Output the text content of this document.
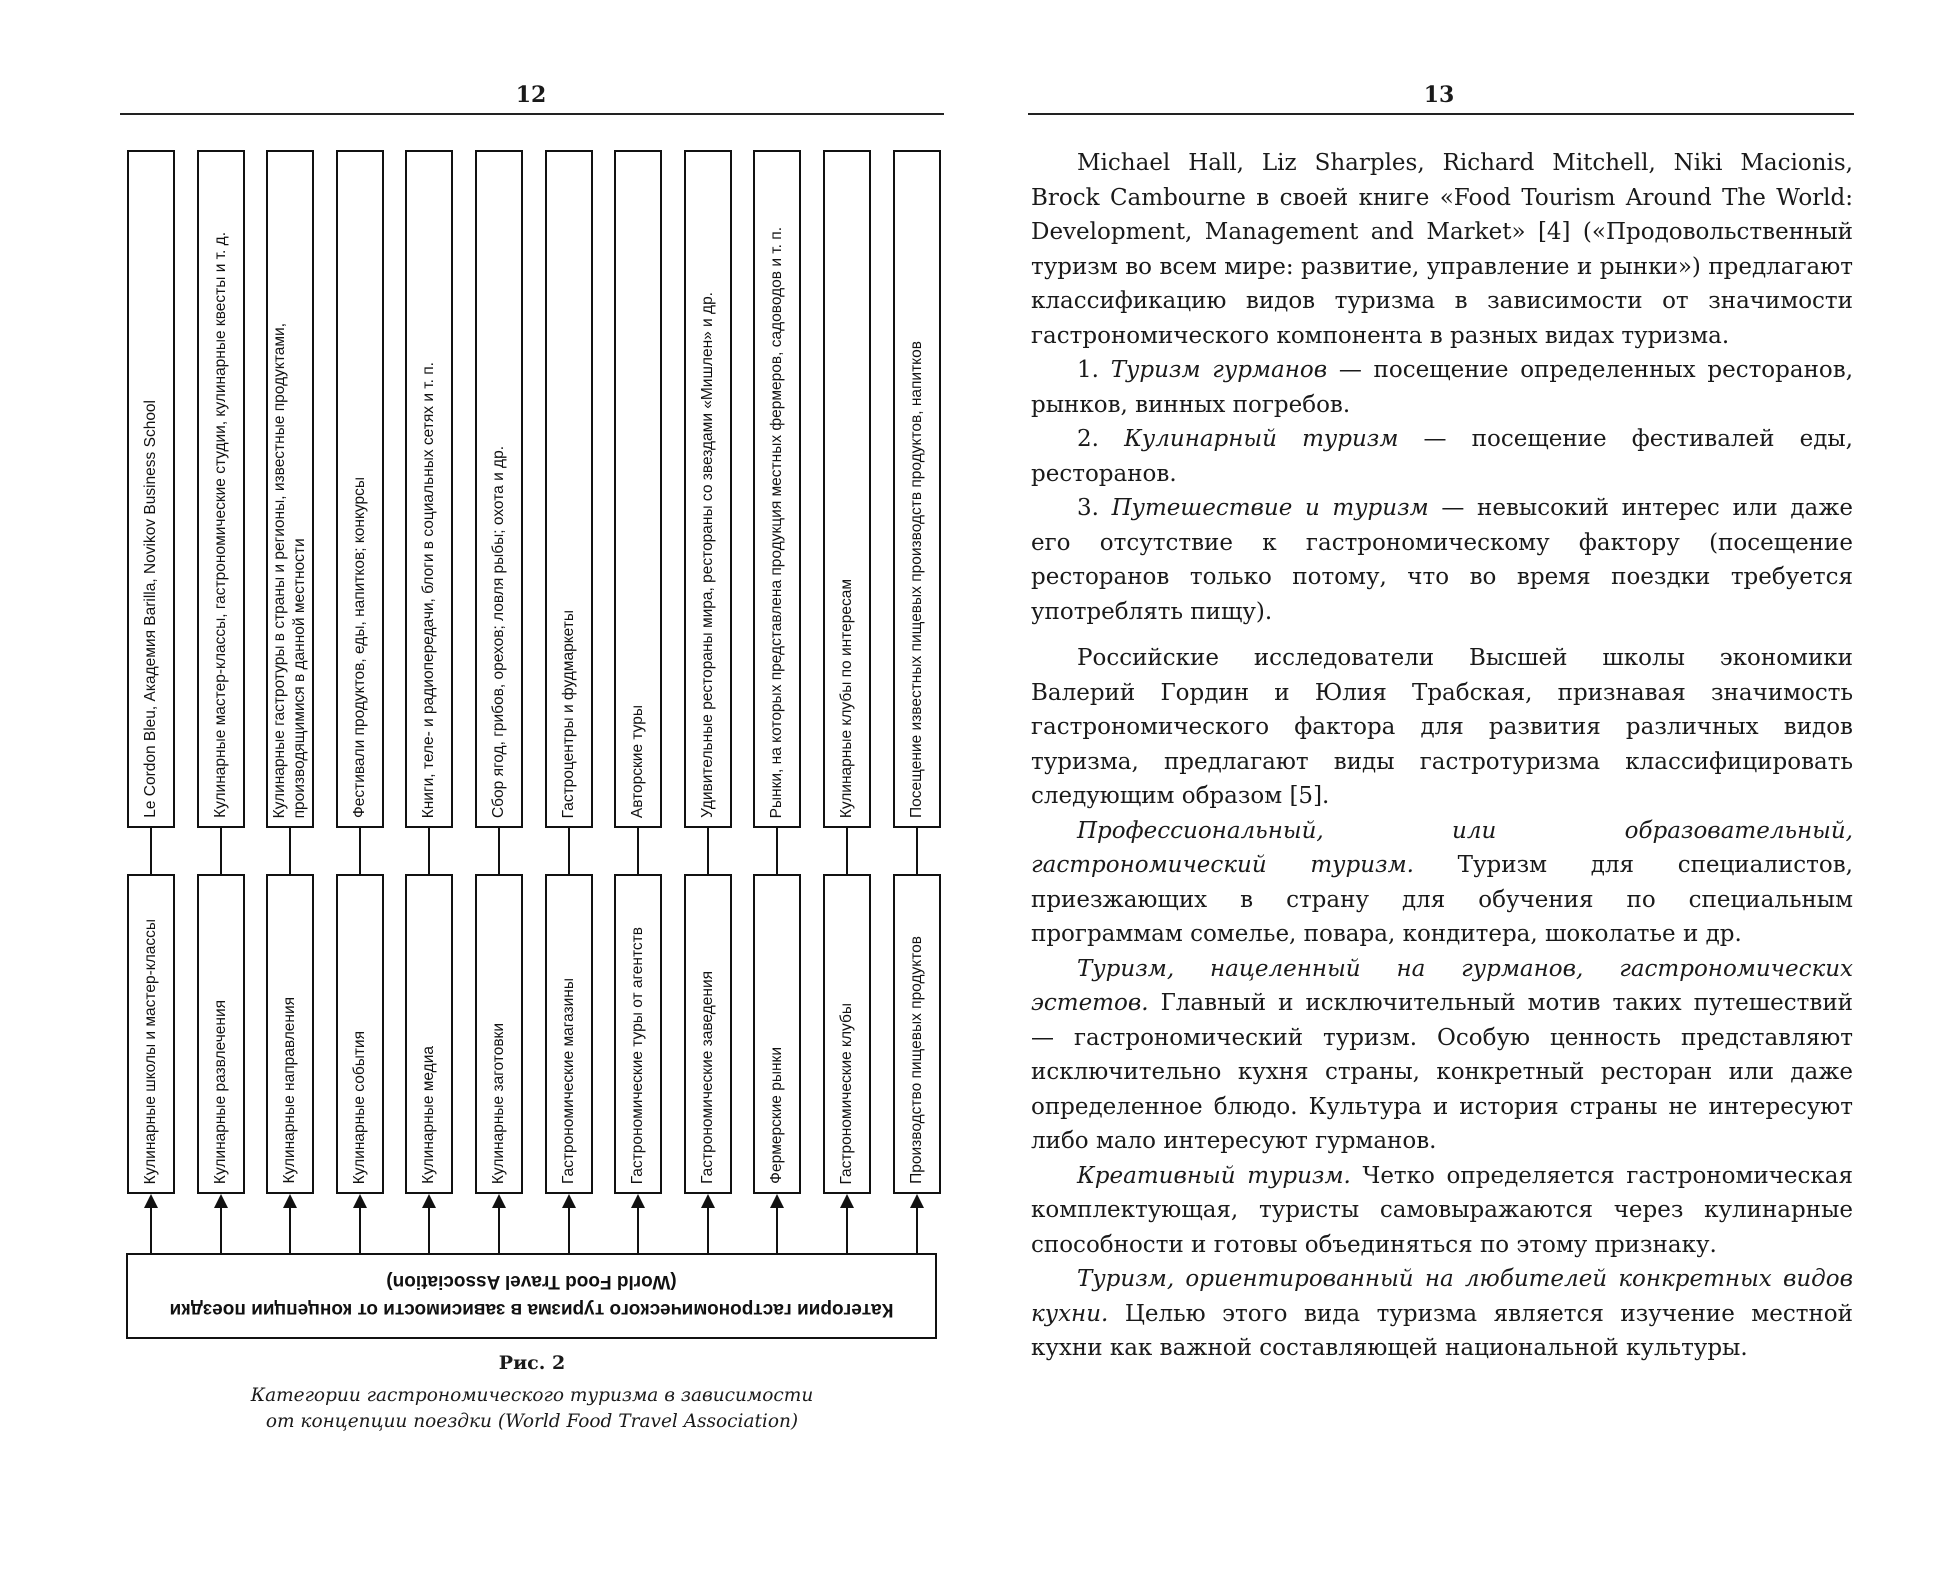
12	13
Le Cordon Bleu, Академия Barilla, Novikov Business School
Кулинарные школы и мастер-классы
Кулинарные мастер-классы, гастрономические студии, кулинарные квесты и т. д.
Кулинарные развлечения
Кулинарные гастротуры в страны и регионы, известные продуктами, производящимися в данной местности
Кулинарные направления
Фестивали продуктов, еды, напитков; конкурсы
Кулинарные события
Книги, теле- и радиопередачи, блоги в социальных сетях и т. п.
Кулинарные медиа
Сбор ягод, грибов, орехов; ловля рыбы; охота и др.
Кулинарные заготовки
Гастроцентры и фудмаркеты
Гастрономические магазины
Авторские туры
Гастрономические туры от агентств
Удивительные рестораны мира, рестораны со звездами «Мишлен» и др.
Гастрономические заведения
Рынки, на которых представлена продукция местных фермеров, садоводов и т. п.
Фермерские рынки
Кулинарные клубы по интересам
Гастрономические клубы
Посещение известных пищевых производств продуктов, напитков
Производство пищевых продуктов
Категории гастрономического туризма в зависимости от концепции поездки
(World Food Travel Association)
Рис. 2
Категории гастрономического туризма в зависимости
от концепции поездки (World Food Travel Association)

Michael Hall, Liz Sharples, Richard Mitchell, Niki Macionis, Brock Cambourne в своей книге «Food Tourism Around The World: Development, Management and Market» [4] («Продовольственный туризм во всем мире: развитие, управление и рынки») предлагают классификацию видов туризма в зависимости от значимости гастрономического компонента в разных видах туризма.

1. Туризм гурманов — посещение определенных ресторанов, рынков, винных погребов.

2. Кулинарный туризм — посещение фестивалей еды, ресторанов.

3. Путешествие и туризм — невысокий интерес или даже его отсутствие к гастрономическому фактору (посещение ресторанов только потому, что во время поездки требуется употреблять пищу).

Российские исследователи Высшей школы экономики Валерий Гордин и Юлия Трабская, признавая значимость гастрономического фактора для развития различных видов туризма, предлагают виды гастротуризма классифицировать следующим образом [5].

Профессиональный, или образовательный, гастрономический туризм. Туризм для специалистов, приезжающих в страну для обучения по специальным программам сомелье, повара, кондитера, шоколатье и др.

Туризм, нацеленный на гурманов, гастрономических эстетов. Главный и исключительный мотив таких путешествий — гастрономический туризм. Особую ценность представляют исключительно кухня страны, конкретный ресторан или даже определенное блюдо. Культура и история страны не интересуют либо мало интересуют гурманов.

Креативный туризм. Четко определяется гастрономическая комплектующая, туристы самовыражаются через кулинарные способности и готовы объединяться по этому признаку.

Туризм, ориентированный на любителей конкретных видов кухни. Целью этого вида туризма является изучение местной кухни как важной составляющей национальной культуры.
